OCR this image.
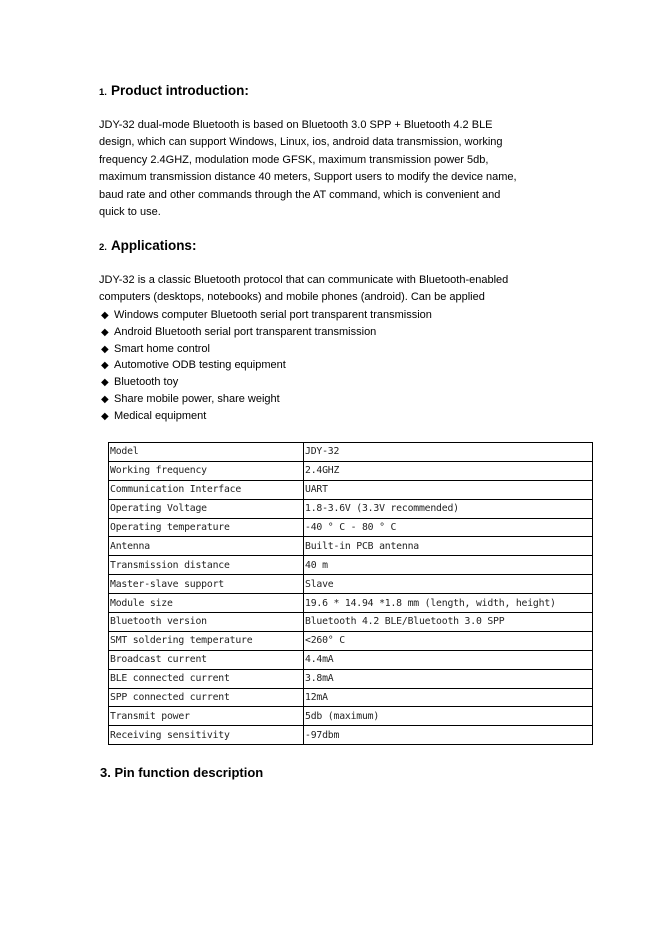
1. Product introduction:

JDY-32 dual-mode Bluetooth is based on Bluetooth 3.0 SPP + Bluetooth 4.2 BLE

design, which can support Windows, Linux, ios, android data transmission, working

frequency 2.4GHZ, modulation mode GFSK, maximum transmission power 5db,

maximum transmission distance 40 meters, Support users to modify the device name,

baud rate and other commands through the AT command, which is convenient and

quick to use.

2. Applications:

JDY-32 is a classic Bluetooth protocol that can communicate with Bluetooth-enabled

computers (desktops, notebooks) and mobile phones (android). Can be applied

◆ Windows computer Bluetooth serial port transparent transmission
◆ Android Bluetooth serial port transparent transmission
◆ Smart home control
◆ Automotive ODB testing equipment
◆ Bluetooth toy
◆ Share mobile power, share weight
◆ Medical equipment
Model	JDY-32
Working frequency	2.4GHZ
Communication Interface	UART
Operating Voltage	1.8-3.6V (3.3V recommended)
Operating temperature	-40 ° C - 80 ° C
Antenna	Built-in PCB antenna
Transmission distance	40 m
Master-slave support	Slave
Module size	19.6 * 14.94 *1.8 mm (length, width, height)
Bluetooth version	Bluetooth 4.2 BLE/Bluetooth 3.0 SPP
SMT soldering temperature	<260° C
Broadcast current	4.4mA
BLE connected current	3.8mA
SPP connected current	12mA
Transmit power	5db (maximum)
Receiving sensitivity	-97dbm
3. Pin function description
